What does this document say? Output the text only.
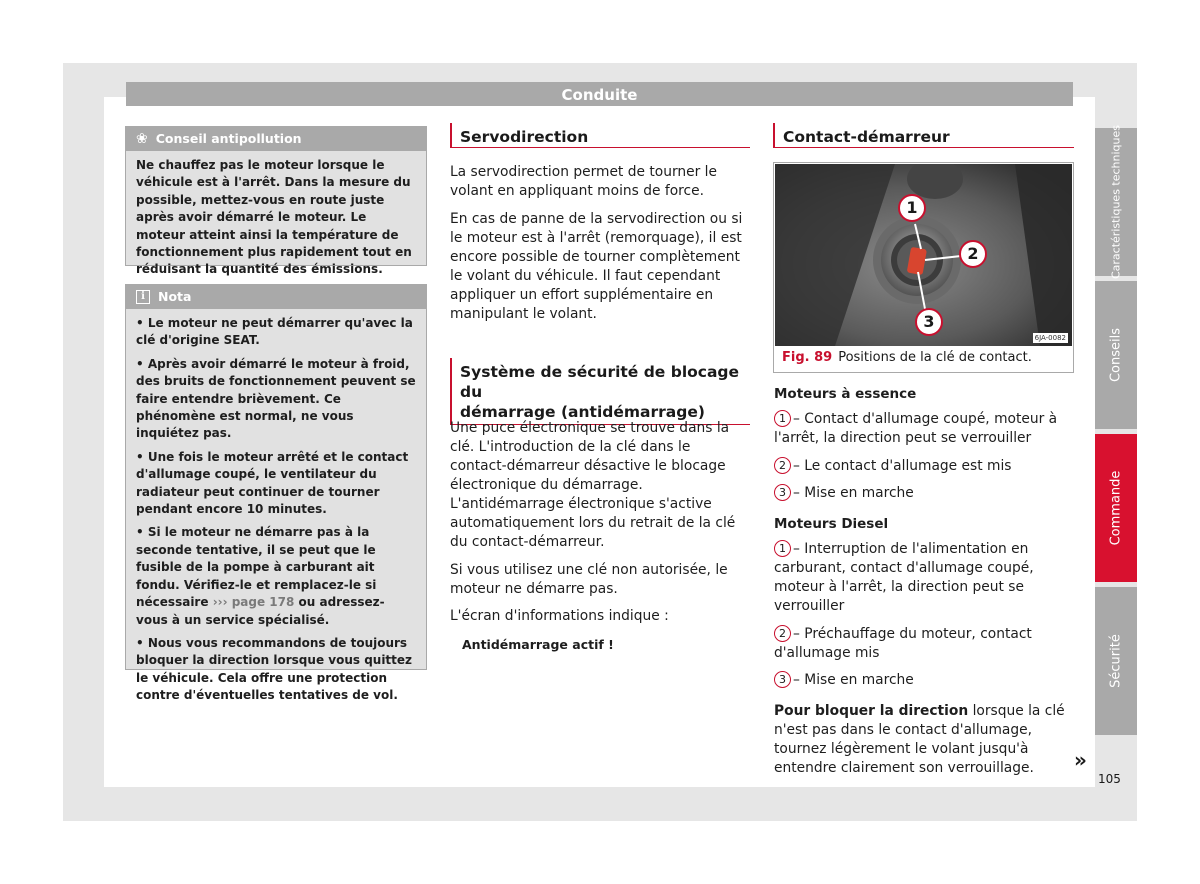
Conduite
❀ Conseil antipollution

Ne chauffez pas le moteur lorsque le véhicule est à l'arrêt. Dans la mesure du possible, mettez-vous en route juste après avoir démarré le moteur. Le moteur atteint ainsi la température de fonctionnement plus rapidement tout en réduisant la quantité des émissions.

i	Nota

• Le moteur ne peut démarrer qu'avec la clé d'origine SEAT.

• Après avoir démarré le moteur à froid, des bruits de fonctionnement peuvent se faire entendre brièvement. Ce phénomène est normal, ne vous inquiétez pas.

• Une fois le moteur arrêté et le contact d'allumage coupé, le ventilateur du radiateur peut continuer de tourner pendant encore 10 minutes.

• Si le moteur ne démarre pas à la seconde tentative, il se peut que le fusible de la pompe à carburant ait fondu. Vérifiez-le et remplacez-le si nécessaire ››› page 178 ou adressez-vous à un service spécialisé.

• Nous vous recommandons de toujours bloquer la direction lorsque vous quittez le véhicule. Cela offre une protection contre d'éventuelles tentatives de vol.

Servodirection

La servodirection permet de tourner le volant en appliquant moins de force.

En cas de panne de la servodirection ou si le moteur est à l'arrêt (remorquage), il est encore possible de tourner complètement le volant du véhicule. Il faut cependant appliquer un effort supplémentaire en manipulant le volant.

Système de sécurité de blocage du
démarrage (antidémarrage)

Une puce électronique se trouve dans la clé. L'introduction de la clé dans le contact-démarreur désactive le blocage électronique du démarrage. L'antidémarrage électronique s'active automatiquement lors du retrait de la clé du contact-démarreur.

Si vous utilisez une clé non autorisée, le moteur ne démarre pas.

L'écran d'informations indique :

Antidémarrage actif !

Contact-démarreur
1
2
3
6JA-0082
Fig. 89 Positions de la clé de contact.

Moteurs à essence

1 – Contact d'allumage coupé, moteur à l'arrêt, la direction peut se verrouiller

2 – Le contact d'allumage est mis

3 – Mise en marche

Moteurs Diesel

1 – Interruption de l'alimentation en carburant, contact d'allumage coupé, moteur à l'arrêt, la direction peut se verrouiller

2 – Préchauffage du moteur, contact d'allumage mis

3 – Mise en marche

Pour bloquer la direction lorsque la clé n'est pas dans le contact d'allumage, tournez légèrement le volant jusqu'à entendre clairement son verrouillage.	»
Caractéristiques techniques
Conseils
Commande
Sécurité
105
